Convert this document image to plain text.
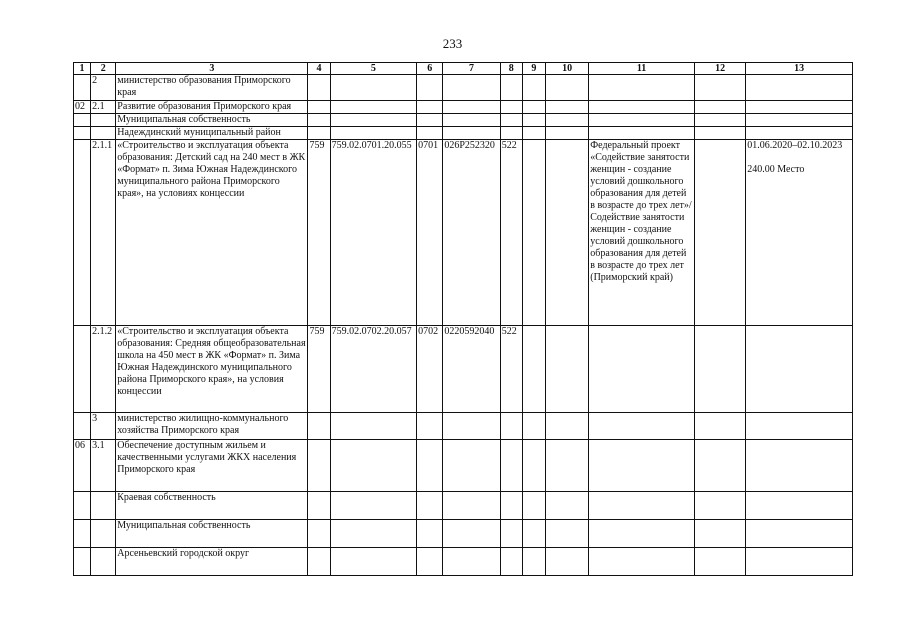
233
1	2	3	4	5	6	7	8	9	10	11	12	13
	2	министерство образования Приморского края										
02	2.1	Развитие образования Приморского края										
		Муниципальная собственность										
		Надеждинский муниципальный район										
	2.1.1	«Строительство и эксплуатация объекта образования: Детский сад на 240 мест в ЖК «Формат» п. Зима Южная Надеждинского муниципального района Приморского края», на условиях концессии	759	759.02.0701.20.055	0701	026P252320	522			Федеральный проект «Содействие занятости женщин - создание условий дошкольного образования для детей в возрасте до трех лет»/Содействие занятости женщин - создание условий дошкольного образования для детей в возрасте до трех лет (Приморский край)		01.06.2020–02.10.2023
240.00 Место

	2.1.2	«Строительство и эксплуатация объекта образования: Средняя общеобразовательная школа на 450 мест в ЖК «Формат» п. Зима Южная Надеждинского муниципального района Приморского края», на условия концессии	759	759.02.0702.20.057	0702	0220592040	522					
	3	министерство жилищно-коммунального хозяйства Приморского края										
06	3.1	Обеспечение доступным жильем и качественными услугами ЖКХ населения Приморского края										
		Краевая собственность										
		Муниципальная собственность										
		Арсеньевский городской округ										
